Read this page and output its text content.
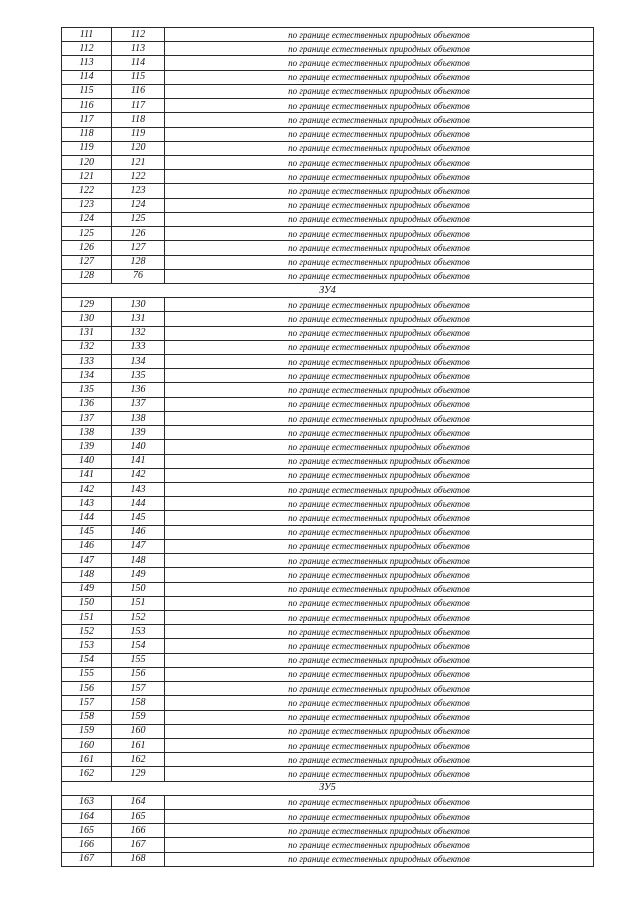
111	112	по границе естественных природных объектов
112	113	по границе естественных природных объектов
113	114	по границе естественных природных объектов
114	115	по границе естественных природных объектов
115	116	по границе естественных природных объектов
116	117	по границе естественных природных объектов
117	118	по границе естественных природных объектов
118	119	по границе естественных природных объектов
119	120	по границе естественных природных объектов
120	121	по границе естественных природных объектов
121	122	по границе естественных природных объектов
122	123	по границе естественных природных объектов
123	124	по границе естественных природных объектов
124	125	по границе естественных природных объектов
125	126	по границе естественных природных объектов
126	127	по границе естественных природных объектов
127	128	по границе естественных природных объектов
128	76	по границе естественных природных объектов
ЗУ4		
129	130	по границе естественных природных объектов
130	131	по границе естественных природных объектов
131	132	по границе естественных природных объектов
132	133	по границе естественных природных объектов
133	134	по границе естественных природных объектов
134	135	по границе естественных природных объектов
135	136	по границе естественных природных объектов
136	137	по границе естественных природных объектов
137	138	по границе естественных природных объектов
138	139	по границе естественных природных объектов
139	140	по границе естественных природных объектов
140	141	по границе естественных природных объектов
141	142	по границе естественных природных объектов
142	143	по границе естественных природных объектов
143	144	по границе естественных природных объектов
144	145	по границе естественных природных объектов
145	146	по границе естественных природных объектов
146	147	по границе естественных природных объектов
147	148	по границе естественных природных объектов
148	149	по границе естественных природных объектов
149	150	по границе естественных природных объектов
150	151	по границе естественных природных объектов
151	152	по границе естественных природных объектов
152	153	по границе естественных природных объектов
153	154	по границе естественных природных объектов
154	155	по границе естественных природных объектов
155	156	по границе естественных природных объектов
156	157	по границе естественных природных объектов
157	158	по границе естественных природных объектов
158	159	по границе естественных природных объектов
159	160	по границе естественных природных объектов
160	161	по границе естественных природных объектов
161	162	по границе естественных природных объектов
162	129	по границе естественных природных объектов
ЗУ5		
163	164	по границе естественных природных объектов
164	165	по границе естественных природных объектов
165	166	по границе естественных природных объектов
166	167	по границе естественных природных объектов
167	168	по границе естественных природных объектов
